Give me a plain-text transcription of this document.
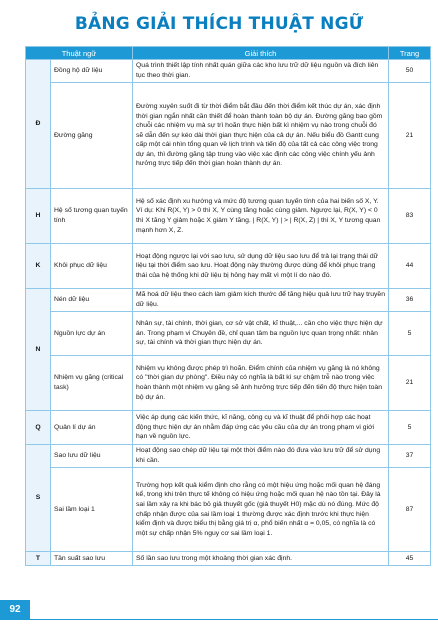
BẢNG GIẢI THÍCH THUẬT NGỮ
Thuật ngữ		Giải thích	Trang
Đ	Đồng hộ dữ liệu	Quá trình thiết lập tính nhất quán giữa các kho lưu trữ dữ liệu nguồn và đích liên tục theo thời gian.	50
	Đường găng	Đường xuyên suốt đi từ thời điểm bắt đầu đến thời điểm kết thúc dự án, xác định thời gian ngắn nhất cần thiết để hoàn thành toàn bộ dự án. Đường găng bao gồm chuỗi các nhiệm vụ mà sự trì hoãn thực hiện bất kì nhiệm vụ nào trong chuỗi đó sẽ dẫn đến sự kéo dài thời gian thực hiện của cả dự án. Nếu biểu đồ Gantt cung cấp một cái nhìn tổng quan về lịch trình và tiến độ của tất cả các công việc trong dự án, thì đường găng tập trung vào việc xác định các công việc chính yếu ảnh hưởng trực tiếp đến thời gian hoàn thành dự án.	21
H	Hệ số tương quan tuyến tính	Hệ số xác định xu hướng và mức độ tương quan tuyến tính của hai biến số X, Y. Ví dụ: Khi R(X, Y) > 0 thì X, Y cùng tăng hoặc cùng giảm. Ngược lại, R(X, Y) < 0 thì X tăng Y giảm hoặc X giảm Y tăng. | R(X, Y) | > | R(X, Z) | thì X, Y tương quan mạnh hơn X, Z.	83
K	Khôi phục dữ liệu	Hoạt động ngược lại với sao lưu, sử dụng dữ liệu sao lưu để trả lại trạng thái dữ liệu tại thời điểm sao lưu. Hoạt động này thường được dùng để khôi phục trạng thái của hệ thống khi dữ liệu bị hỏng hay mất vì một lí do nào đó.	44
N	Nén dữ liệu	Mã hoá dữ liệu theo cách làm giảm kích thước để tăng hiệu quả lưu trữ hay truyền dữ liệu.	36
	Nguồn lực dự án	Nhân sự, tài chính, thời gian, cơ sở vật chất, kĩ thuật,... cần cho việc thực hiện dự án. Trong phạm vi Chuyên đề, chỉ quan tâm ba nguồn lực quan trọng nhất: nhân sự, tài chính và thời gian thực hiện dự án.	5
	Nhiệm vụ găng (critical task)	Nhiệm vụ không được phép trì hoãn. Điểm chính của nhiệm vụ găng là nó không có "thời gian dự phòng". Điều này có nghĩa là bất kì sự chậm trễ nào trong việc hoàn thành một nhiệm vụ găng sẽ ảnh hưởng trực tiếp đến tiến độ thực hiện toàn bộ dự án.	21
Q	Quản lí dự án	Việc áp dụng các kiến thức, kĩ năng, công cụ và kĩ thuật để phối hợp các hoạt động thực hiện dự án nhằm đáp ứng các yêu cầu của dự án trong phạm vi giới hạn về nguồn lực.	5
S	Sao lưu dữ liệu	Hoạt động sao chép dữ liệu tại một thời điểm nào đó đưa vào lưu trữ để sử dụng khi cần.	37
	Sai lầm loại 1	Trường hợp kết quả kiểm định cho rằng có một hiệu ứng hoặc mối quan hệ đáng kể, trong khi trên thực tế không có hiệu ứng hoặc mối quan hệ nào tồn tại. Đây là sai lầm xảy ra khi bác bỏ giả thuyết gốc (giả thuyết H0) mặc dù nó đúng. Mức độ chấp nhận được của sai lầm loại 1 thường được xác định trước khi thực hiện kiểm định và được biểu thị bằng giá trị α, phổ biến nhất α = 0,05, có nghĩa là có một sự chấp nhận 5% nguy cơ sai lầm loại 1.	87
T	Tần suất sao lưu	Số lần sao lưu trong một khoảng thời gian xác định.	45
92
